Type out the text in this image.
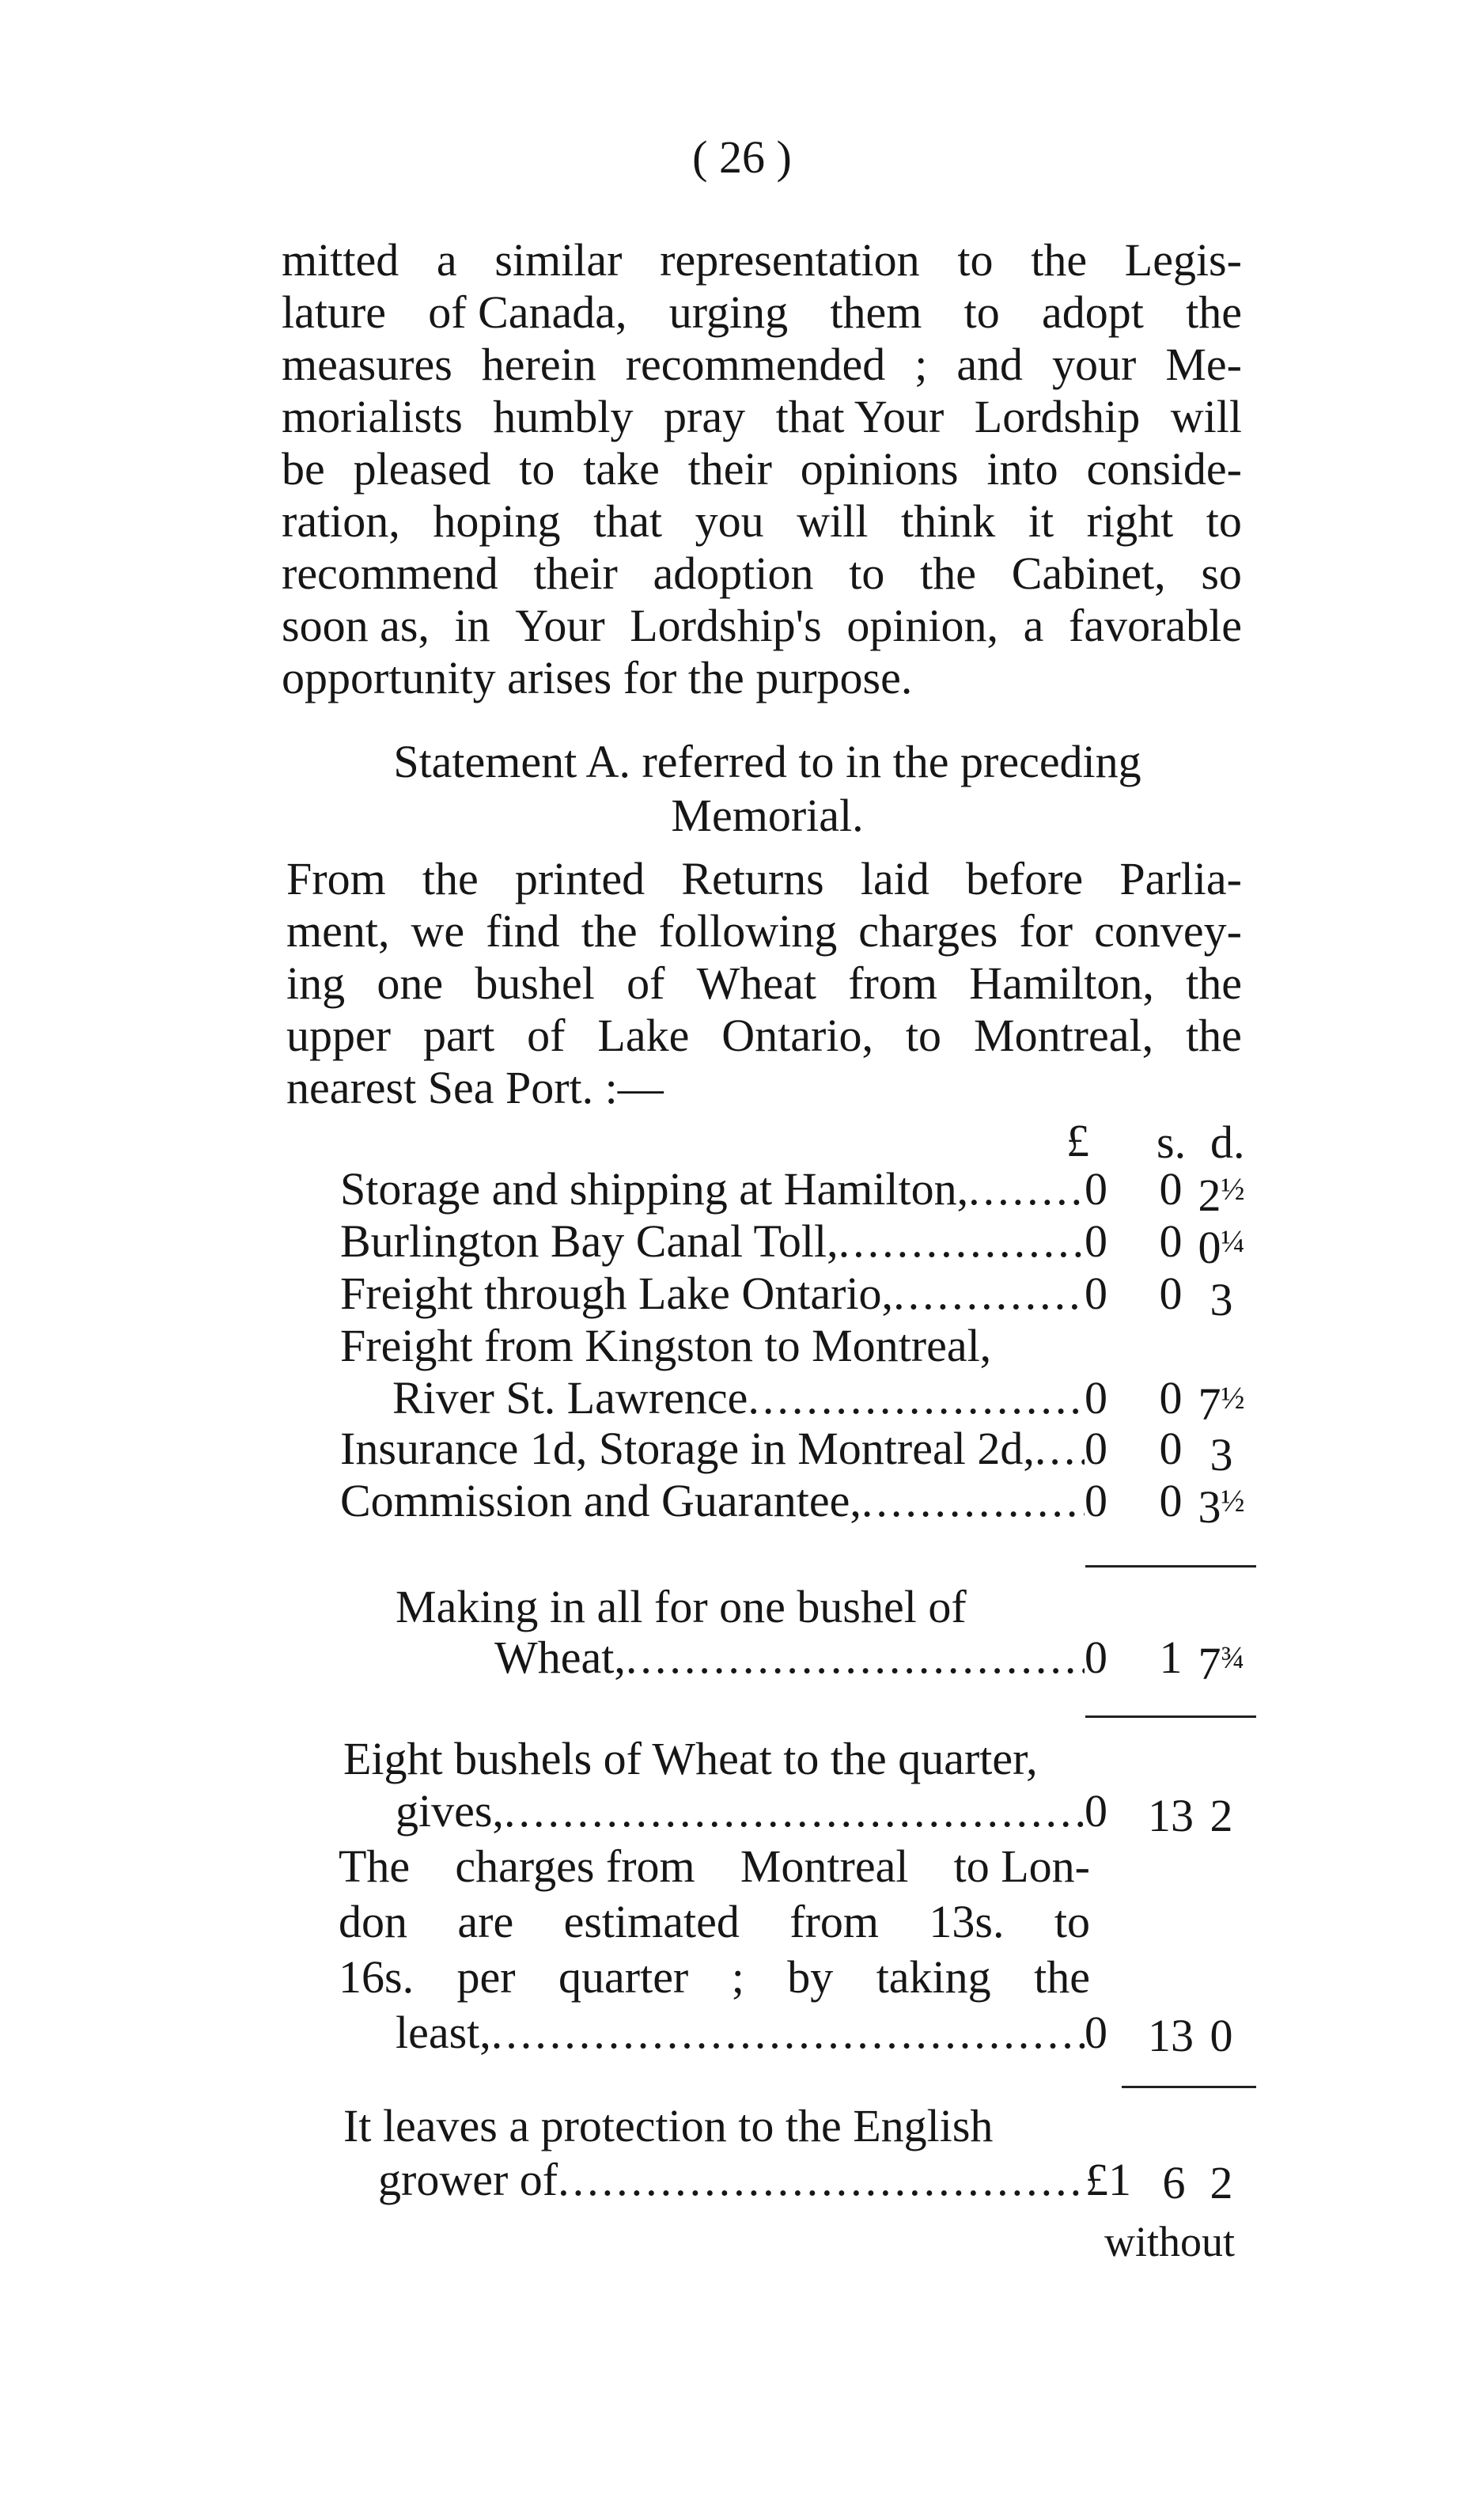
( 26 )
mitted a similar representation to the Legis-
lature of Canada, urging them to adopt the
measures herein recommended ; and your Me-
morialists humbly pray that Your Lordship will
be pleased to take their opinions into conside-
ration, hoping that you will think it right to
recommend their adoption to the Cabinet, so
soon as, in Your Lordship's opinion, a favorable
opportunity arises for the purpose.
Statement A. referred to in the preceding
Memorial.
From the printed Returns laid before Parlia-
ment, we find the following charges for convey-
ing one bushel of Wheat from Hamilton, the
upper part of Lake Ontario, to Montreal, the
nearest Sea Port. :—
£ s. d.
Storage and shipping at Hamilton, .....	0 0 $2^{\frac{1}{2}}$
Burlington Bay Canal Toll, .....	0 0 $0^{\frac{1}{4}}$
Freight through Lake Ontario, .....	0 0 3
Freight from Kingston to Montreal,
River St. Lawrence .....	0 0 $7^{\frac{1}{2}}$
Insurance 1d, Storage in Montreal 2d, ..... 0 0 3
Commission and Guarantee, .....	0 0 $3^{\frac{1}{2}}$
Making in all for one bushel of
Wheat, .....	0 1 $7^{\frac{3}{4}}$
Eight bushels of Wheat to the quarter,
gives, .....	0 13 2
The charges from Montreal to Lon-
don are estimated from 13s. to
16s. per quarter ; by taking the
least, .....	0 13 0
It leaves a protection to the English
grower of .....	£1 6 2
without
